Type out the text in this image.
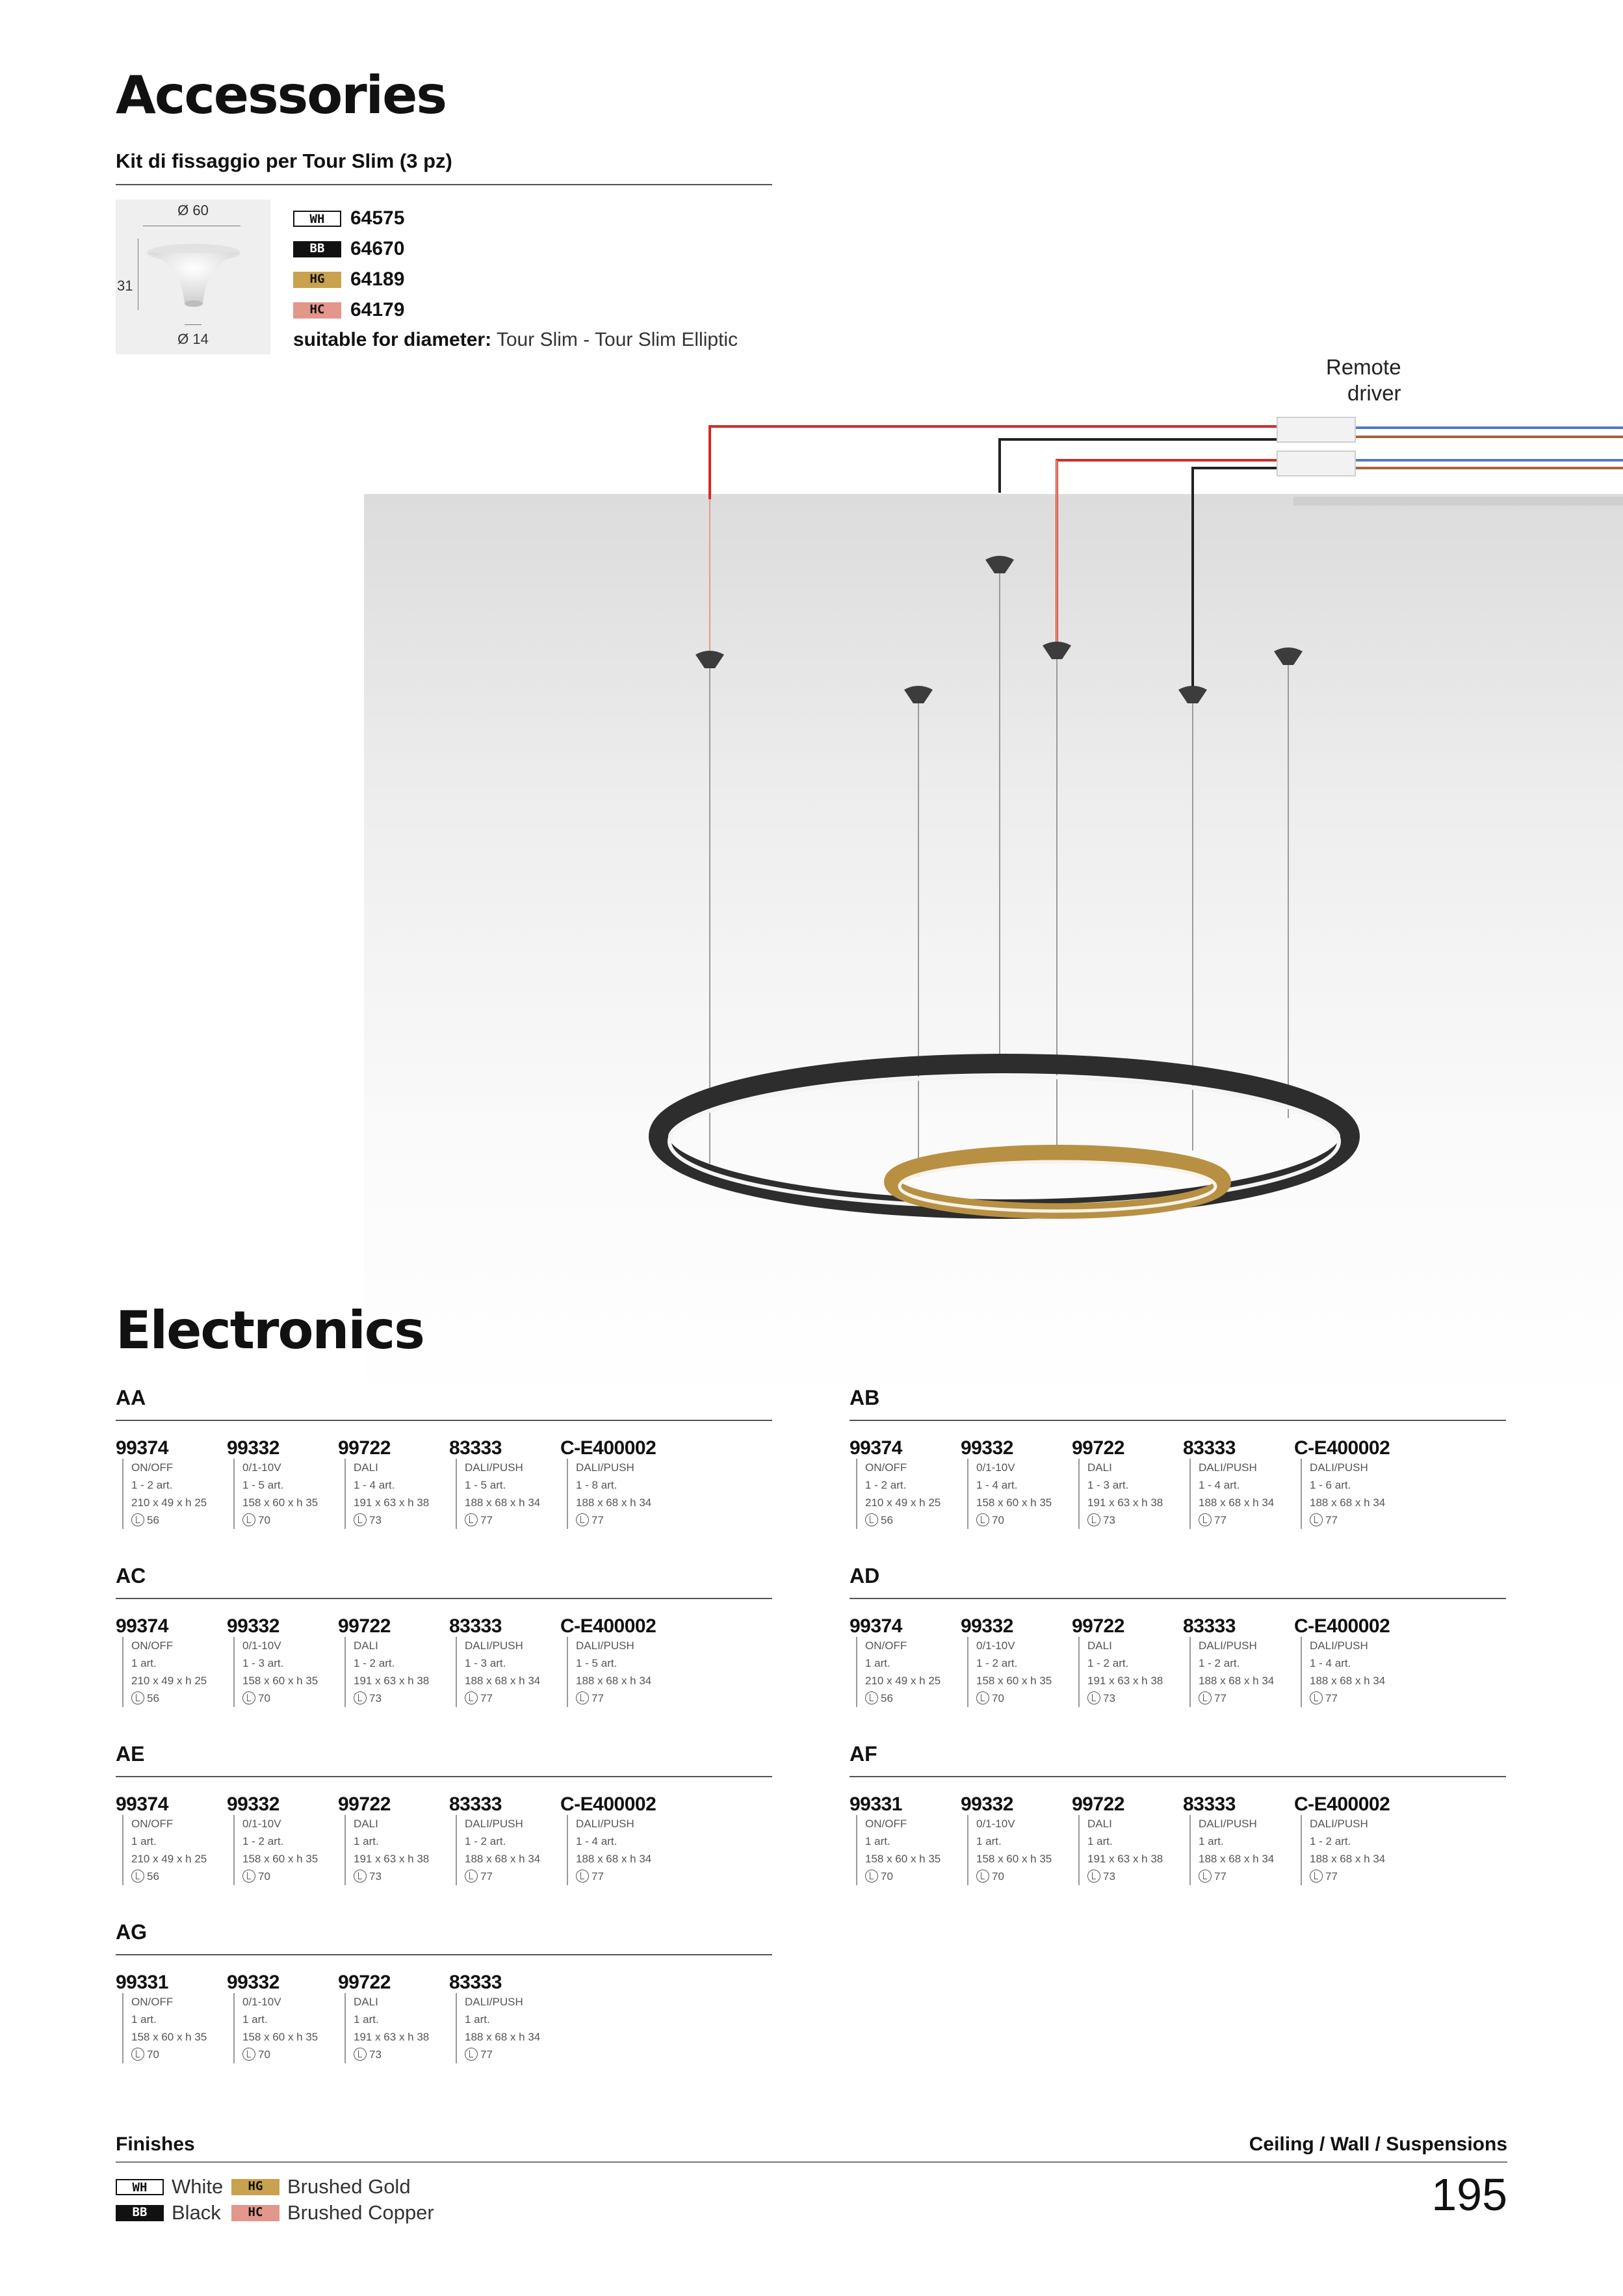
Accessories
Kit di fissaggio per Tour Slim (3 pz)
Ø 60
31
Ø 14
WH	64575
BB	64670
HG	64189
HC	64179
suitable for diameter: Tour Slim - Tour Slim Elliptic
Remote
driver
Electronics
AA
99374
ON/OFF
1 - 2 art.
210 x 49 x h 25
56
99332
0/1-10V
1 - 5 art.
158 x 60 x h 35
70
99722
DALI
1 - 4 art.
191 x 63 x h 38
73
83333
DALI/PUSH
1 - 5 art.
188 x 68 x h 34
77
C-E400002
DALI/PUSH
1 - 8 art.
188 x 68 x h 34
77
AB
99374
ON/OFF
1 - 2 art.
210 x 49 x h 25
56
99332
0/1-10V
1 - 4 art.
158 x 60 x h 35
70
99722
DALI
1 - 3 art.
191 x 63 x h 38
73
83333
DALI/PUSH
1 - 4 art.
188 x 68 x h 34
77
C-E400002
DALI/PUSH
1 - 6 art.
188 x 68 x h 34
77
AC
99374
ON/OFF
1 art.
210 x 49 x h 25
56
99332
0/1-10V
1 - 3 art.
158 x 60 x h 35
70
99722
DALI
1 - 2 art.
191 x 63 x h 38
73
83333
DALI/PUSH
1 - 3 art.
188 x 68 x h 34
77
C-E400002
DALI/PUSH
1 - 5 art.
188 x 68 x h 34
77
AD
99374
ON/OFF
1 art.
210 x 49 x h 25
56
99332
0/1-10V
1 - 2 art.
158 x 60 x h 35
70
99722
DALI
1 - 2 art.
191 x 63 x h 38
73
83333
DALI/PUSH
1 - 2 art.
188 x 68 x h 34
77
C-E400002
DALI/PUSH
1 - 4 art.
188 x 68 x h 34
77
AE
99374
ON/OFF
1 art.
210 x 49 x h 25
56
99332
0/1-10V
1 - 2 art.
158 x 60 x h 35
70
99722
DALI
1 art.
191 x 63 x h 38
73
83333
DALI/PUSH
1 - 2 art.
188 x 68 x h 34
77
C-E400002
DALI/PUSH
1 - 4 art.
188 x 68 x h 34
77
AF
99331
ON/OFF
1 art.
158 x 60 x h 35
70
99332
0/1-10V
1 art.
158 x 60 x h 35
70
99722
DALI
1 art.
191 x 63 x h 38
73
83333
DALI/PUSH
1 art.
188 x 68 x h 34
77
C-E400002
DALI/PUSH
1 - 2 art.
188 x 68 x h 34
77
AG
99331
ON/OFF
1 art.
158 x 60 x h 35
70
99332
0/1-10V
1 art.
158 x 60 x h 35
70
99722
DALI
1 art.
191 x 63 x h 38
73
83333
DALI/PUSH
1 art.
188 x 68 x h 34
77
Finishes	Ceiling / Wall / Suspensions
WH	White	HG	Brushed Gold
BB	Black	HC	Brushed Copper	195
